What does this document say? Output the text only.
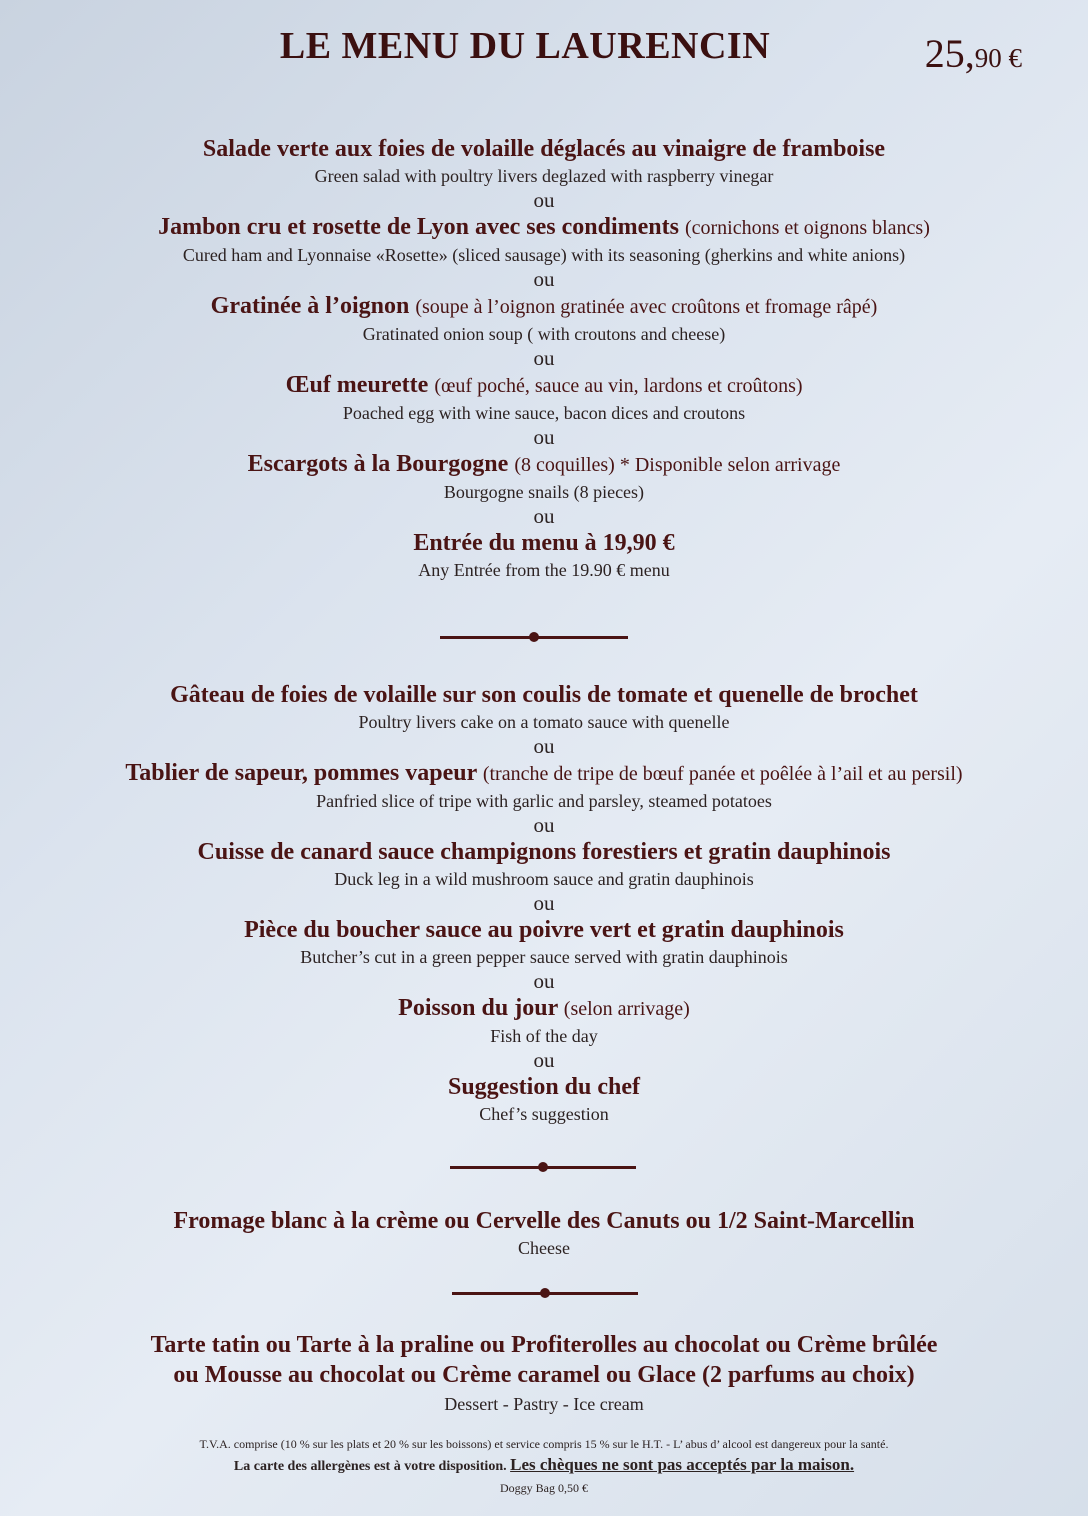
LE MENU DU LAURENCIN	25,90 €

Salade verte aux foies de volaille déglacés au vinaigre de framboise

Green salad with poultry livers deglazed with raspberry vinegar

ou

Jambon cru et rosette de Lyon avec ses condiments (cornichons et oignons blancs)

Cured ham and Lyonnaise «Rosette» (sliced sausage) with its seasoning (gherkins and white anions)

ou

Gratinée à l’oignon (soupe à l’oignon gratinée avec croûtons et fromage râpé)

Gratinated onion soup ( with croutons and cheese)

ou

Œuf meurette (œuf poché, sauce au vin, lardons et croûtons)

Poached egg with wine sauce, bacon dices and croutons

ou

Escargots à la Bourgogne (8 coquilles) * Disponible selon arrivage

Bourgogne snails (8 pieces)

ou

Entrée du menu à 19,90 €

Any Entrée from the 19.90 € menu

Gâteau de foies de volaille sur son coulis de tomate et quenelle de brochet

Poultry livers cake on a tomato sauce with quenelle

ou

Tablier de sapeur, pommes vapeur (tranche de tripe de bœuf panée et poêlée à l’ail et au persil)

Panfried slice of tripe with garlic and parsley, steamed potatoes

ou

Cuisse de canard sauce champignons forestiers et gratin dauphinois

Duck leg in a wild mushroom sauce and gratin dauphinois

ou

Pièce du boucher sauce au poivre vert et gratin dauphinois

Butcher’s cut in a green pepper sauce served with gratin dauphinois

ou

Poisson du jour (selon arrivage)

Fish of the day

ou

Suggestion du chef

Chef’s suggestion

Fromage blanc à la crème ou Cervelle des Canuts ou 1/2 Saint-Marcellin

Cheese

Tarte tatin ou Tarte à la praline ou Profiterolles au chocolat ou Crème brûlée

ou Mousse au chocolat ou Crème caramel ou Glace (2 parfums au choix)

Dessert - Pastry - Ice cream

T.V.A. comprise (10 % sur les plats et 20 % sur les boissons) et service compris 15 % sur le H.T. - L’ abus d’ alcool est dangereux pour la santé.

La carte des allergènes est à votre disposition. Les chèques ne sont pas acceptés par la maison.

Doggy Bag 0,50 €
